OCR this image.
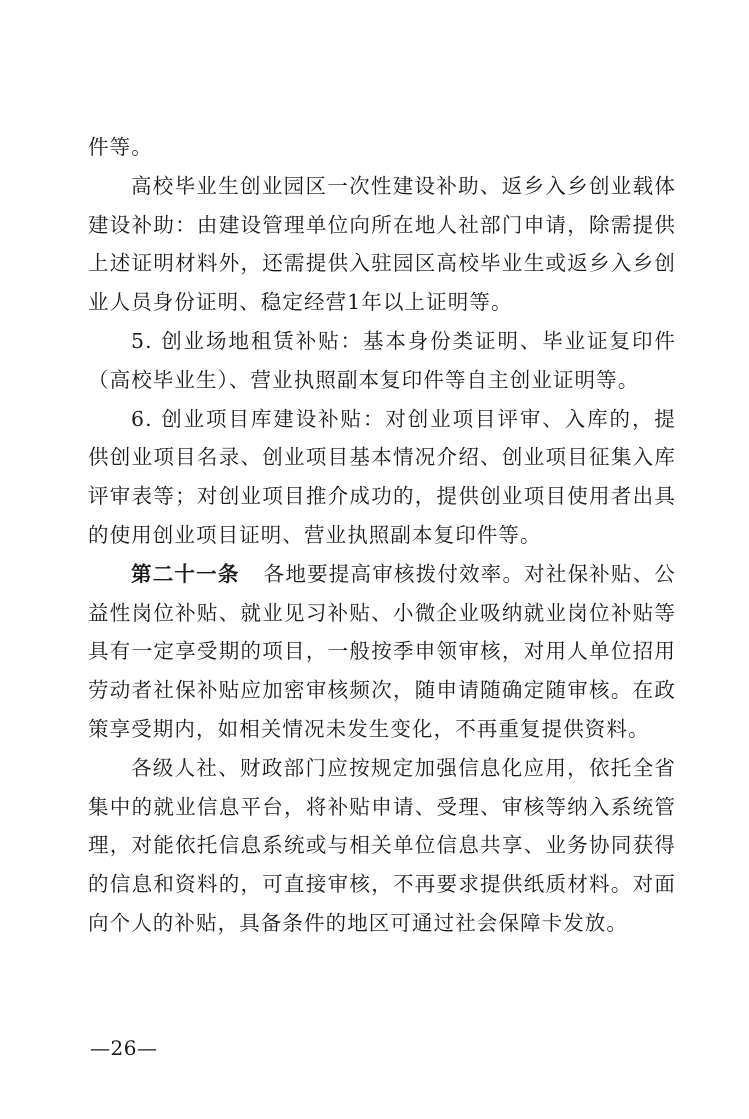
件等。

高校毕业生创业园区一次性建设补助、返乡入乡创业载体建设补助：由建设管理单位向所在地人社部门申请，除需提供上述证明材料外，还需提供入驻园区高校毕业生或返乡入乡创业人员身份证明、稳定经营1年以上证明等。

5. 创业场地租赁补贴：基本身份类证明、毕业证复印件（高校毕业生）、营业执照副本复印件等自主创业证明等。

6. 创业项目库建设补贴：对创业项目评审、入库的，提供创业项目名录、创业项目基本情况介绍、创业项目征集入库评审表等；对创业项目推介成功的，提供创业项目使用者出具的使用创业项目证明、营业执照副本复印件等。

第二十一条 各地要提高审核拨付效率。对社保补贴、公益性岗位补贴、就业见习补贴、小微企业吸纳就业岗位补贴等具有一定享受期的项目，一般按季申领审核，对用人单位招用劳动者社保补贴应加密审核频次，随申请随确定随审核。在政策享受期内，如相关情况未发生变化，不再重复提供资料。

各级人社、财政部门应按规定加强信息化应用，依托全省集中的就业信息平台，将补贴申请、受理、审核等纳入系统管理，对能依托信息系统或与相关单位信息共享、业务协同获得的信息和资料的，可直接审核，不再要求提供纸质材料。对面向个人的补贴，具备条件的地区可通过社会保障卡发放。

—26—
